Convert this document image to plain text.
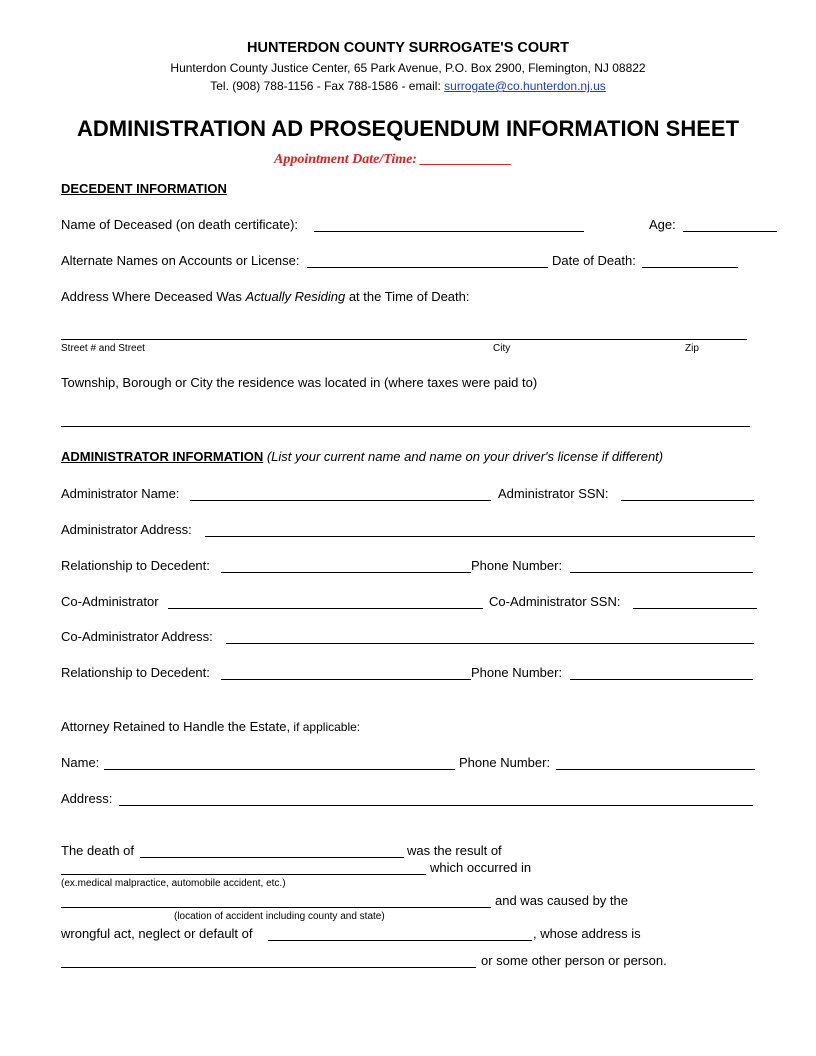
HUNTERDON COUNTY SURROGATE'S COURT
Hunterdon County Justice Center, 65 Park Avenue, P.O. Box 2900, Flemington, NJ 08822
Tel. (908) 788-1156 - Fax 788-1586 - email: surrogate@co.hunterdon.nj.us
ADMINISTRATION AD PROSEQUENDUM INFORMATION SHEET
Appointment Date/Time: _____________
DECEDENT INFORMATION
Name of Deceased (on death certificate):	Age:
Alternate Names on Accounts or License:	Date of Death:
Address Where Deceased Was Actually Residing at the Time of Death:
Street # and Street	City	Zip
Township, Borough or City the residence was located in (where taxes were paid to)
ADMINISTRATOR INFORMATION (List your current name and name on your driver's license if different)
Administrator Name:	Administrator SSN:
Administrator Address:
Relationship to Decedent:	Phone Number:
Co-Administrator	Co-Administrator SSN:
Co-Administrator Address:
Relationship to Decedent:	Phone Number:
Attorney Retained to Handle the Estate, if applicable:
Name:	Phone Number:
Address:
The death of	was the result of
which occurred in
(ex.medical malpractice, automobile accident, etc.)
and was caused by the
(location of accident including county and state)
wrongful act, neglect or default of	, whose address is
or some other person or person.
